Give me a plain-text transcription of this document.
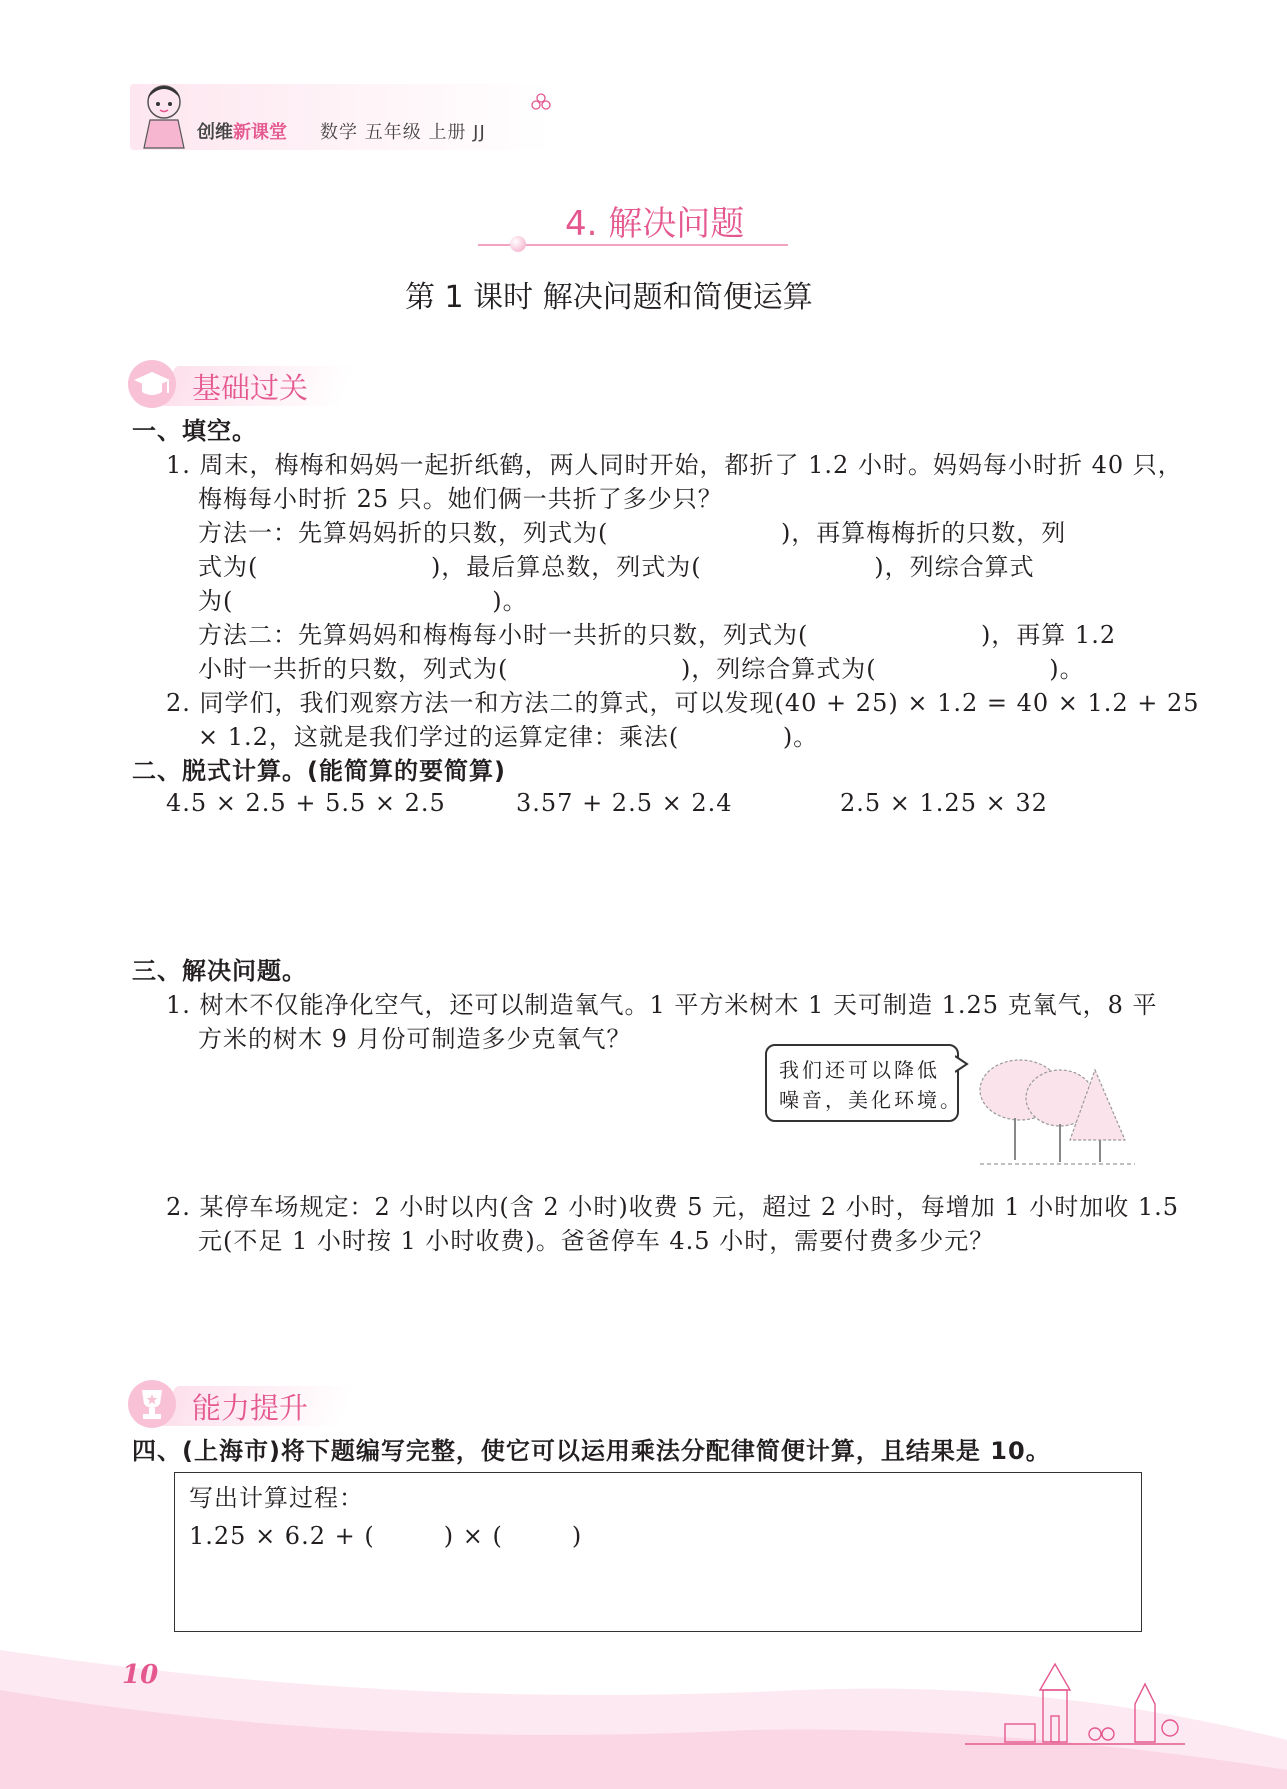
创维新课堂 数学 五年级 上册 JJ
4. 解决问题
第 1 课时 解决问题和简便运算
基础过关
一、填空。
1. 周末，梅梅和妈妈一起折纸鹤，两人同时开始，都折了 1.2 小时。妈妈每小时折 40 只，
梅梅每小时折 25 只。她们俩一共折了多少只？
方法一：先算妈妈折的只数，列式为(                    )，再算梅梅折的只数，列
式为(                    )，最后算总数，列式为(                    )，列综合算式
为(                              )。
方法二：先算妈妈和梅梅每小时一共折的只数，列式为(                    )，再算 1.2
小时一共折的只数，列式为(                    )，列综合算式为(                    )。
2. 同学们，我们观察方法一和方法二的算式，可以发现(40 + 25) × 1.2 = 40 × 1.2 + 25
× 1.2，这就是我们学过的运算定律：乘法(            )。
二、脱式计算。(能简算的要简算)
4.5 × 2.5 + 5.5 × 2.5	3.57 + 2.5 × 2.4	2.5 × 1.25 × 32
三、解决问题。
1. 树木不仅能净化空气，还可以制造氧气。1 平方米树木 1 天可制造 1.25 克氧气，8 平
方米的树木 9 月份可制造多少克氧气？
我们还可以降低
噪音，美化环境。
2. 某停车场规定：2 小时以内(含 2 小时)收费 5 元，超过 2 小时，每增加 1 小时加收 1.5
元(不足 1 小时按 1 小时收费)。爸爸停车 4.5 小时，需要付费多少元？
能力提升
四、(上海市)将下题编写完整，使它可以运用乘法分配律简便计算，且结果是 10。
写出计算过程：
1.25 × 6.2 + (        ) × (        )
10
